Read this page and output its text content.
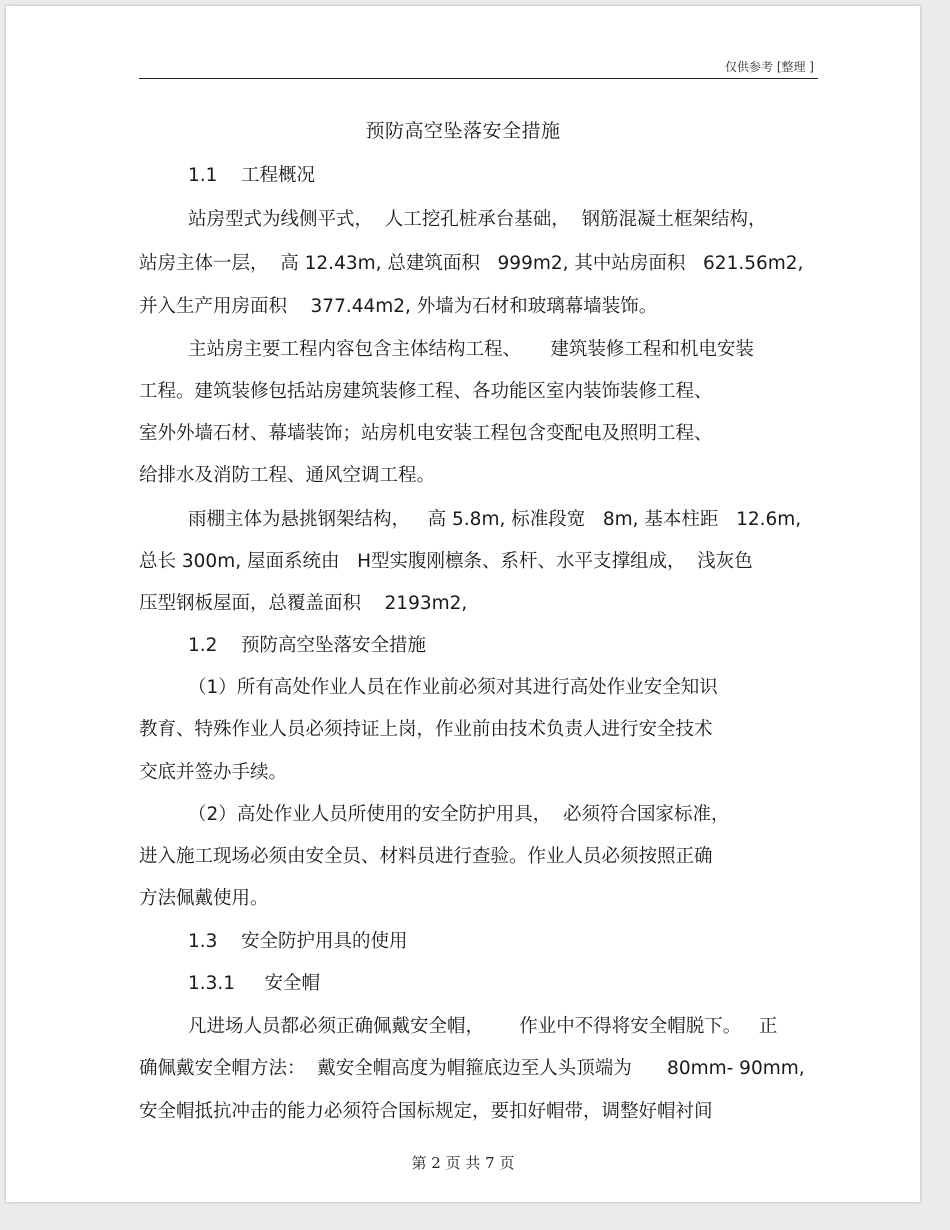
仅供参考 [整理 ]
预防高空坠落安全措施
1.1    工程概况
站房型式为线侧平式，  人工挖孔桩承台基础，  钢筋混凝土框架结构，
站房主体一层，  高 12.43m, 总建筑面积   999m2, 其中站房面积   621.56m2,
并入生产用房面积    377.44m2, 外墙为石材和玻璃幕墙装饰。
主站房主要工程内容包含主体结构工程、     建筑装修工程和机电安装
工程。建筑装修包括站房建筑装修工程、各功能区室内装饰装修工程、
室外外墙石材、幕墙装饰；站房机电安装工程包含变配电及照明工程、
给排水及消防工程、通风空调工程。
雨棚主体为悬挑钢架结构，   高 5.8m, 标准段宽   8m, 基本柱距   12.6m,
总长 300m, 屋面系统由   H型实腹刚檩条、系杆、水平支撑组成，  浅灰色
压型钢板屋面，总覆盖面积    2193m2,
1.2    预防高空坠落安全措施
（1）所有高处作业人员在作业前必须对其进行高处作业安全知识
教育、特殊作业人员必须持证上岗，作业前由技术负责人进行安全技术
交底并签办手续。
（2）高处作业人员所使用的安全防护用具，  必须符合国家标准，
进入施工现场必须由安全员、材料员进行查验。作业人员必须按照正确
方法佩戴使用。
1.3    安全防护用具的使用
1.3.1     安全帽
凡进场人员都必须正确佩戴安全帽，      作业中不得将安全帽脱下。   正
确佩戴安全帽方法：  戴安全帽高度为帽箍底边至人头顶端为      80mm- 90mm,
安全帽抵抗冲击的能力必须符合国标规定，要扣好帽带，调整好帽衬间
第 2 页 共 7 页
